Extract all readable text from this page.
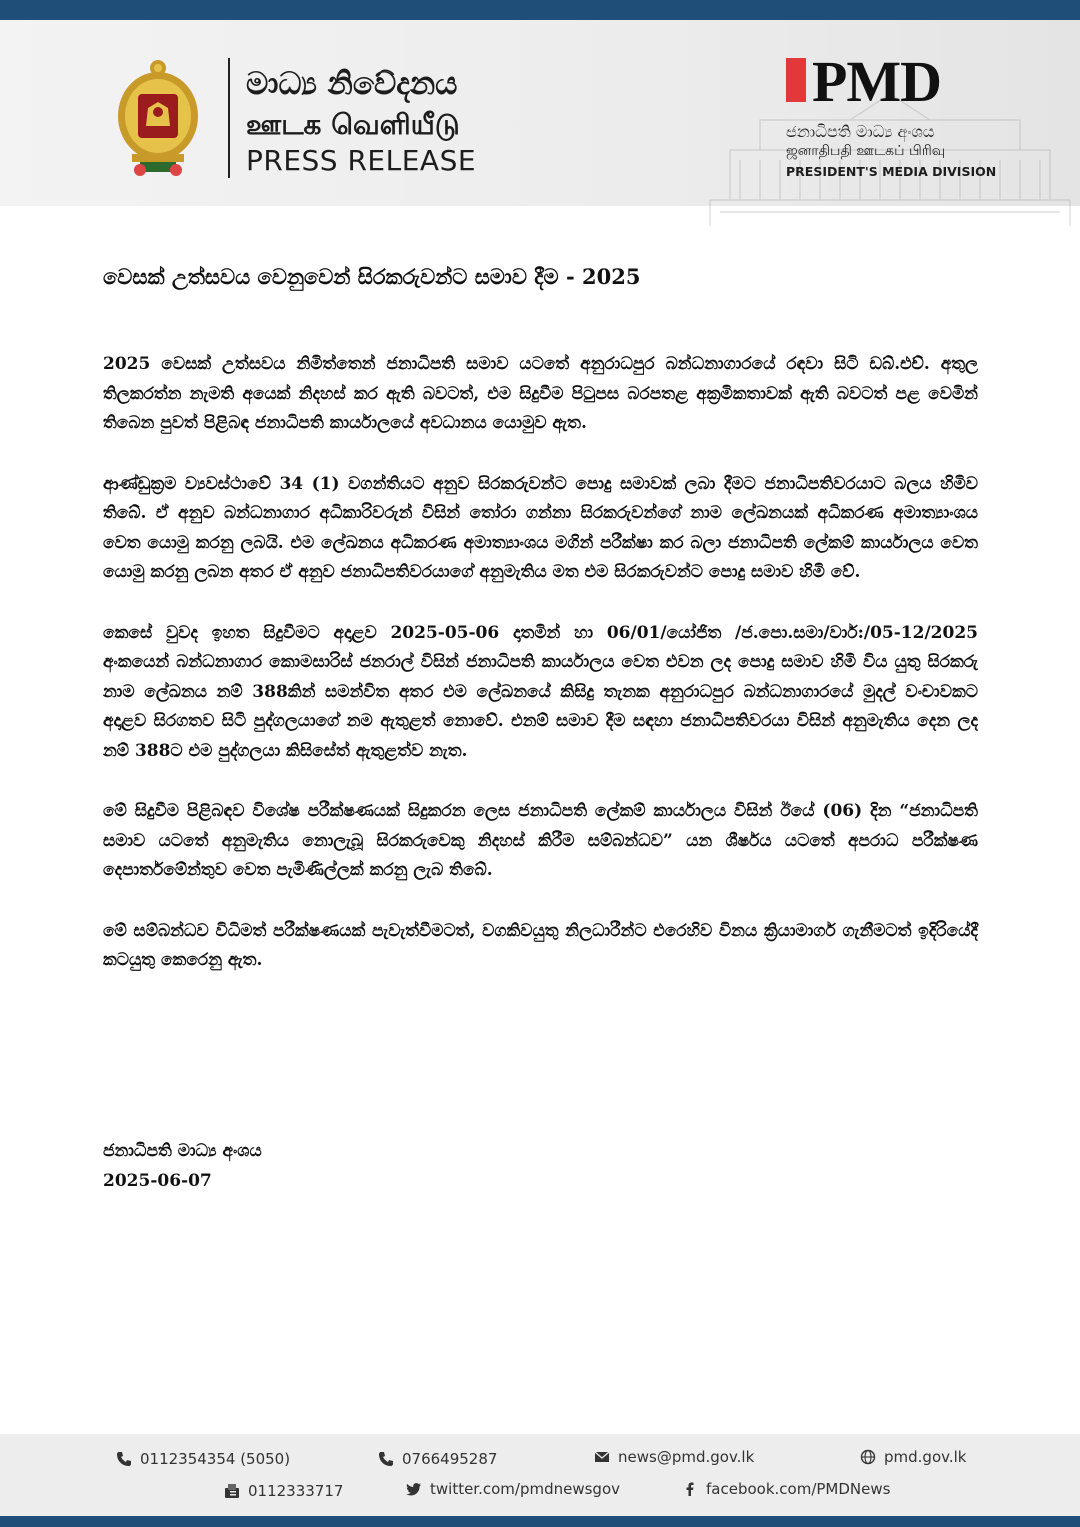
මාධ්‍ය නිවේදනය
ஊடக வெளியீடு
PRESS RELEASE
PMD
ජනාධිපති මාධ්‍ය අංශය
ஜனாதிபதி ஊடகப் பிரிவு
PRESIDENT'S MEDIA DIVISION
වෙසක් උත්සවය වෙනුවෙන් සිරකරුවන්ට සමාව දීම - 2025

2025 වෙසක් උත්සවය නිමිත්තෙන් ජනාධිපති සමාව යටතේ අනුරාධපුර බන්ධනාගාරයේ රඳවා සිටි ඩබ්.එච්. අතුල තිලකරත්න නැමති අයෙක් නිදහස් කර ඇති බවටත්, එම සිදුවීම පිටුපස බරපතළ අක්‍රමිකතාවක් ඇති බවටත් පළ වෙමින් තිබෙන පුවත් පිළිබඳ ජනාධිපති කාර්යාලයේ අවධානය යොමුව ඇත.

ආණ්ඩුක්‍රම ව්‍යවස්ථාවේ 34 (1) වගන්තියට අනුව සිරකරුවන්ට පොදු සමාවක් ලබා දීමට ජනාධිපතිවරයාට බලය හිමිව තිබේ. ඒ අනුව බන්ධනාගාර අධිකාරිවරුන් විසින් තෝරා ගන්නා සිරකරුවන්ගේ නාම ලේඛනයක් අධිකරණ අමාත්‍යාංශය වෙත යොමු කරනු ලබයි. එම ලේඛනය අධිකරණ අමාත්‍යාංශය මගින් පරීක්ෂා කර බලා ජනාධිපති ලේකම් කාර්යාලය වෙත යොමු කරනු ලබන අතර ඒ අනුව ජනාධිපතිවරයාගේ අනුමැතිය මත එම සිරකරුවන්ට පොදු සමාව හිමි වේ.

කෙසේ වුවද ඉහත සිදුවීමට අදාළව 2025-05-06 දාතමින් හා 06/01/යෝජිත /ජ.පො.සමා/වාර්:/05-12/2025 අංකයෙන් බන්ධනාගාර කොමසාරිස් ජනරාල් විසින් ජනාධිපති කාර්යාලය වෙත එවන ලද පොදු සමාව හිමි විය යුතු සිරකරු නාම ලේඛනය නම් 388කින් සමන්විත අතර එම ලේඛනයේ කිසිදු තැනක අනුරාධපුර බන්ධනාගාරයේ මුදල් වංචාවකට අදාළව සිරගතව සිටි පුද්ගලයාගේ නම ඇතුළත් නොවේ. එනම් සමාව දීම සඳහා ජනාධිපතිවරයා විසින් අනුමැතිය දෙන ලද නම් 388ට එම පුද්ගලයා කිසිසේත් ඇතුළත්ව නැත.

මේ සිදුවීම පිළිබඳව විශේෂ පරීක්ෂණයක් සිදුකරන ලෙස ජනාධිපති ලේකම් කාර්යාලය විසින් ඊයේ (06) දින “ජනාධිපති සමාව යටතේ අනුමැතිය නොලැබූ සිරකරුවෙකු නිදහස් කිරීම සම්බන්ධව” යන ශීර්ෂය යටතේ අපරාධ පරීක්ෂණ දෙපාර්තමේන්තුව වෙත පැමිණිල්ලක් කරනු ලැබ තිබේ.

මේ සම්බන්ධව විධිමත් පරීක්ෂණයක් පැවැත්වීමටත්, වගකිවයුතු නිලධාරීන්ට එරෙහිව විනය ක්‍රියාමාර්ග ගැනීමටත් ඉදිරියේදී කටයුතු කෙරෙනු ඇත.

ජනාධිපති මාධ්‍ය අංශය
2025-06-07
0112354354 (5050)	0766495287	news@pmd.gov.lk	pmd.gov.lk
0112333717	twitter.com/pmdnewsgov	facebook.com/PMDNews
